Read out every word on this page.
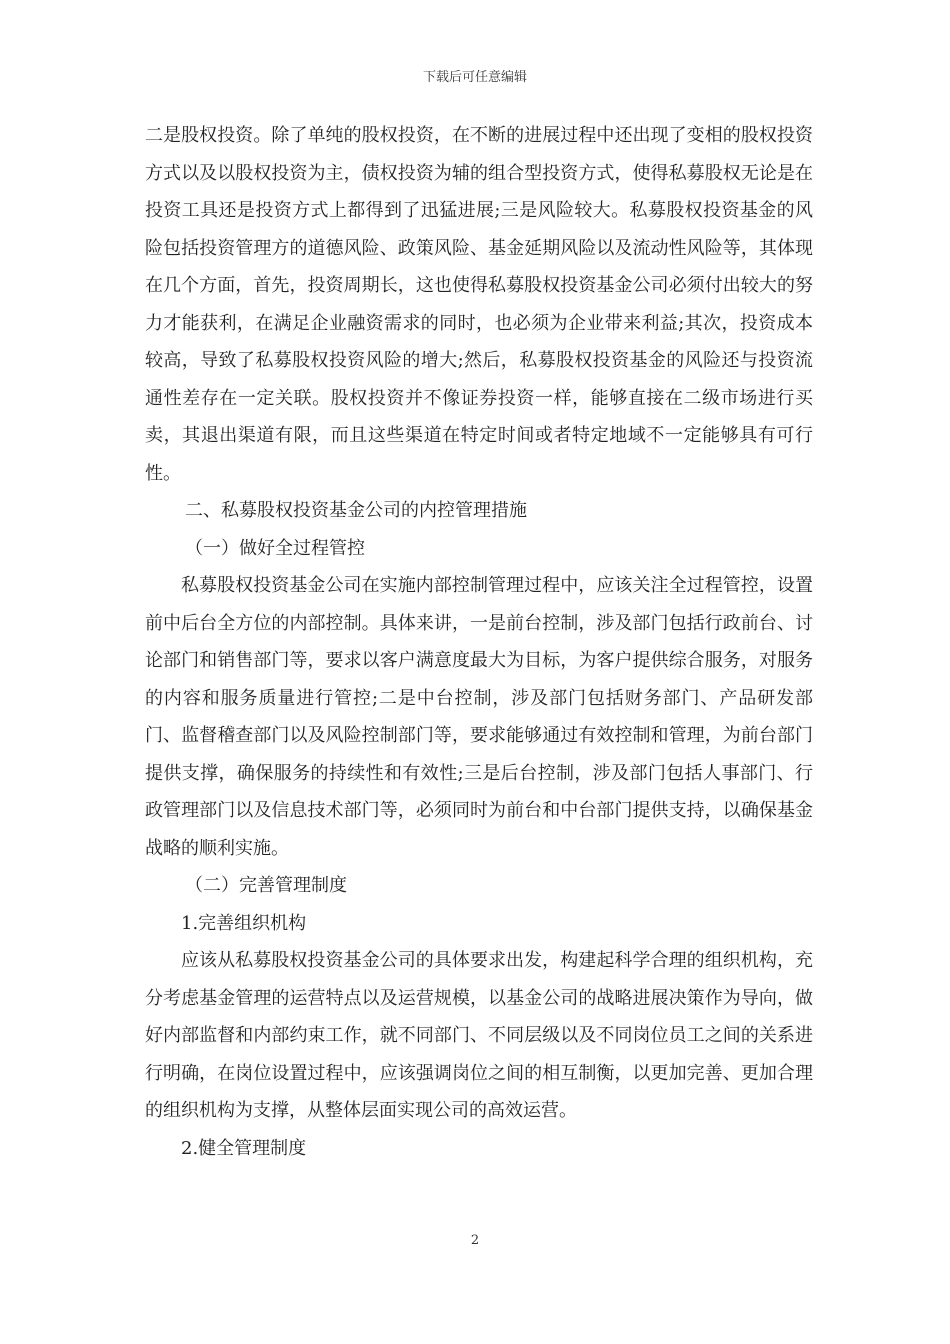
下载后可任意编辑

二是股权投资。除了单纯的股权投资，在不断的进展过程中还出现了变相的股权投资方式以及以股权投资为主，债权投资为辅的组合型投资方式，使得私募股权无论是在投资工具还是投资方式上都得到了迅猛进展;三是风险较大。私募股权投资基金的风险包括投资管理方的道德风险、政策风险、基金延期风险以及流动性风险等，其体现在几个方面，首先，投资周期长，这也使得私募股权投资基金公司必须付出较大的努力才能获利，在满足企业融资需求的同时，也必须为企业带来利益;其次，投资成本较高，导致了私募股权投资风险的增大;然后，私募股权投资基金的风险还与投资流通性差存在一定关联。股权投资并不像证券投资一样，能够直接在二级市场进行买卖，其退出渠道有限，而且这些渠道在特定时间或者特定地域不一定能够具有可行性。

二、私募股权投资基金公司的内控管理措施

（一）做好全过程管控

私募股权投资基金公司在实施内部控制管理过程中，应该关注全过程管控，设置前中后台全方位的内部控制。具体来讲，一是前台控制，涉及部门包括行政前台、讨论部门和销售部门等，要求以客户满意度最大为目标，为客户提供综合服务，对服务的内容和服务质量进行管控;二是中台控制，涉及部门包括财务部门、产品研发部门、监督稽查部门以及风险控制部门等，要求能够通过有效控制和管理，为前台部门提供支撑，确保服务的持续性和有效性;三是后台控制，涉及部门包括人事部门、行政管理部门以及信息技术部门等，必须同时为前台和中台部门提供支持，以确保基金战略的顺利实施。

（二）完善管理制度

1.完善组织机构

应该从私募股权投资基金公司的具体要求出发，构建起科学合理的组织机构，充分考虑基金管理的运营特点以及运营规模，以基金公司的战略进展决策作为导向，做好内部监督和内部约束工作，就不同部门、不同层级以及不同岗位员工之间的关系进行明确，在岗位设置过程中，应该强调岗位之间的相互制衡，以更加完善、更加合理的组织机构为支撑，从整体层面实现公司的高效运营。

2.健全管理制度

2
